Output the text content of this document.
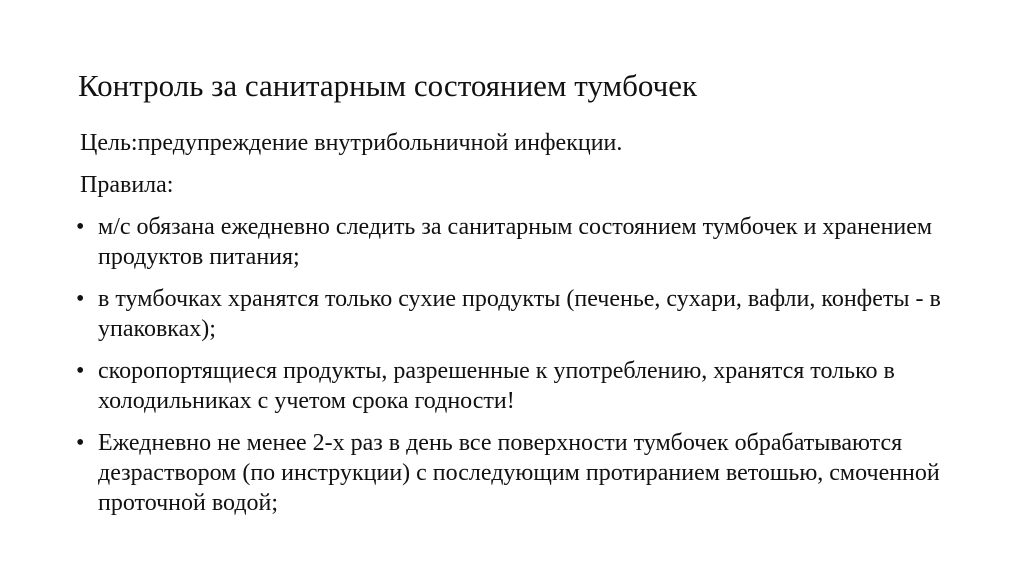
Контроль за санитарным состоянием тумбочек
Цель:предупреждение внутрибольничной инфекции.
Правила:
• м/с обязана ежедневно следить за санитарным состоянием тумбочек и хранением продуктов питания;
• в тумбочках хранятся только сухие продукты (печенье, сухари, вафли, конфеты - в упаковках);
• скоропортящиеся продукты, разрешенные к употреблению, хранятся только в холодильниках с учетом срока годности!
• Ежедневно не менее 2-х раз в день все поверхности тумбочек обрабатываются дезраствором (по инструкции) с последующим протиранием ветошью, смоченной проточной водой;
